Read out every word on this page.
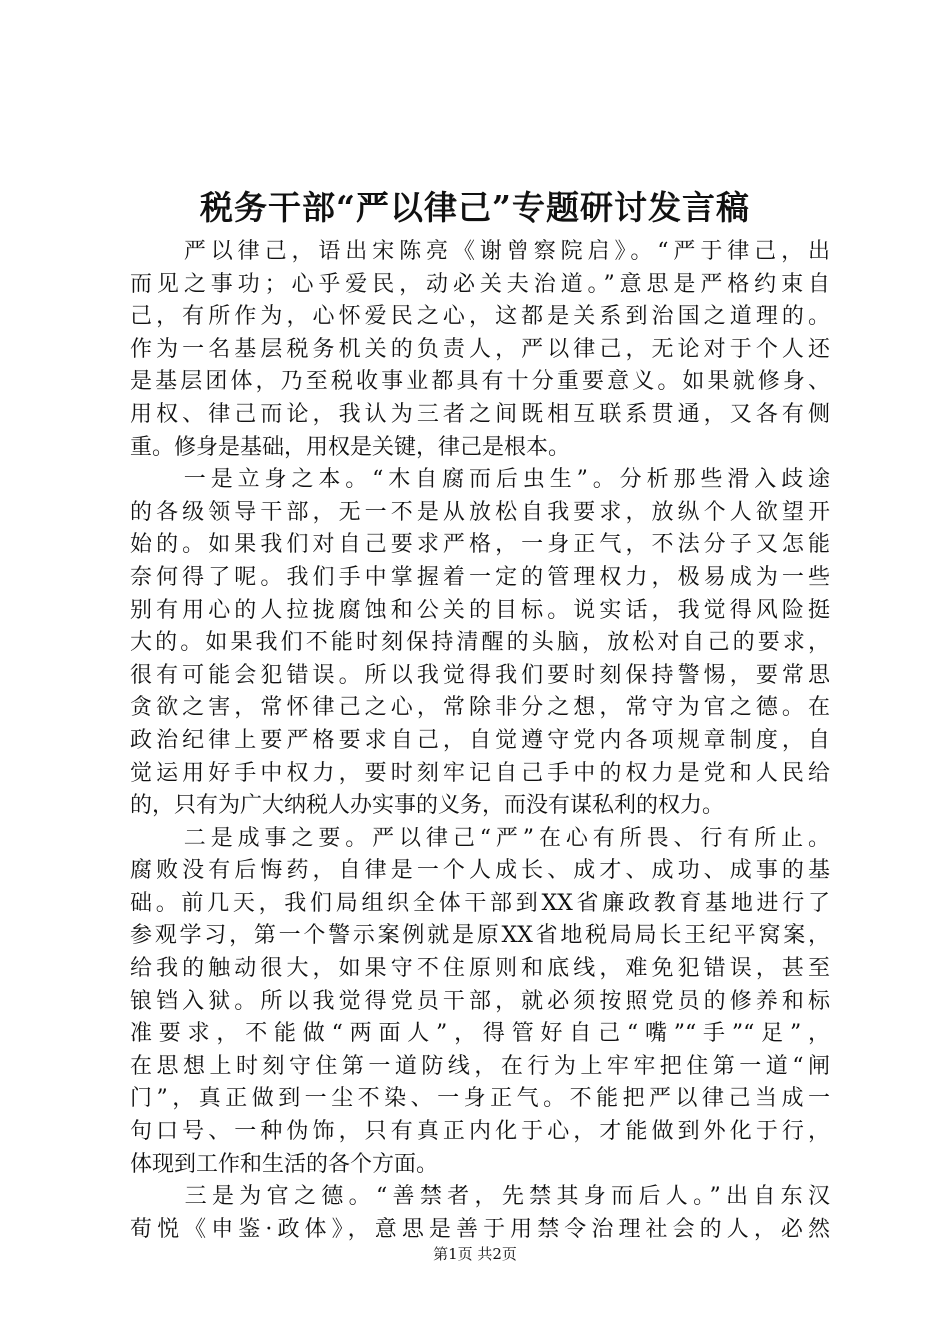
税务干部“严以律己”专题研讨发言稿
　　严以律己，语出宋陈亮《谢曾察院启》。“严于律己，出
而见之事功；心乎爱民，动必关夫治道。”意思是严格约束自
己，有所作为，心怀爱民之心，这都是关系到治国之道理的。
作为一名基层税务机关的负责人，严以律己，无论对于个人还
是基层团体，乃至税收事业都具有十分重要意义。如果就修身、
用权、律己而论，我认为三者之间既相互联系贯通，又各有侧
重。修身是基础，用权是关键，律己是根本。
　　一是立身之本。“木自腐而后虫生”。分析那些滑入歧途
的各级领导干部，无一不是从放松自我要求，放纵个人欲望开
始的。如果我们对自己要求严格，一身正气，不法分子又怎能
奈何得了呢。我们手中掌握着一定的管理权力，极易成为一些
别有用心的人拉拢腐蚀和公关的目标。说实话，我觉得风险挺
大的。如果我们不能时刻保持清醒的头脑，放松对自己的要求，
很有可能会犯错误。所以我觉得我们要时刻保持警惕，要常思
贪欲之害，常怀律己之心，常除非分之想，常守为官之德。在
政治纪律上要严格要求自己，自觉遵守党内各项规章制度，自
觉运用好手中权力，要时刻牢记自己手中的权力是党和人民给
的，只有为广大纳税人办实事的义务，而没有谋私利的权力。
　　二是成事之要。严以律己“严”在心有所畏、行有所止。
腐败没有后悔药，自律是一个人成长、成才、成功、成事的基
础。前几天，我们局组织全体干部到XX省廉政教育基地进行了
参观学习，第一个警示案例就是原XX省地税局局长王纪平窝案，
给我的触动很大，如果守不住原则和底线，难免犯错误，甚至
锒铛入狱。所以我觉得党员干部，就必须按照党员的修养和标
准要求，不能做“两面人”，得管好自己“嘴”“手”“足”，
在思想上时刻守住第一道防线，在行为上牢牢把住第一道“闸
门”，真正做到一尘不染、一身正气。不能把严以律己当成一
句口号、一种伪饰，只有真正内化于心，才能做到外化于行，
体现到工作和生活的各个方面。
　　三是为官之德。“善禁者，先禁其身而后人。”出自东汉
荀悦《申鉴·政体》，意思是善于用禁令治理社会的人，必然
第1页 共2页
